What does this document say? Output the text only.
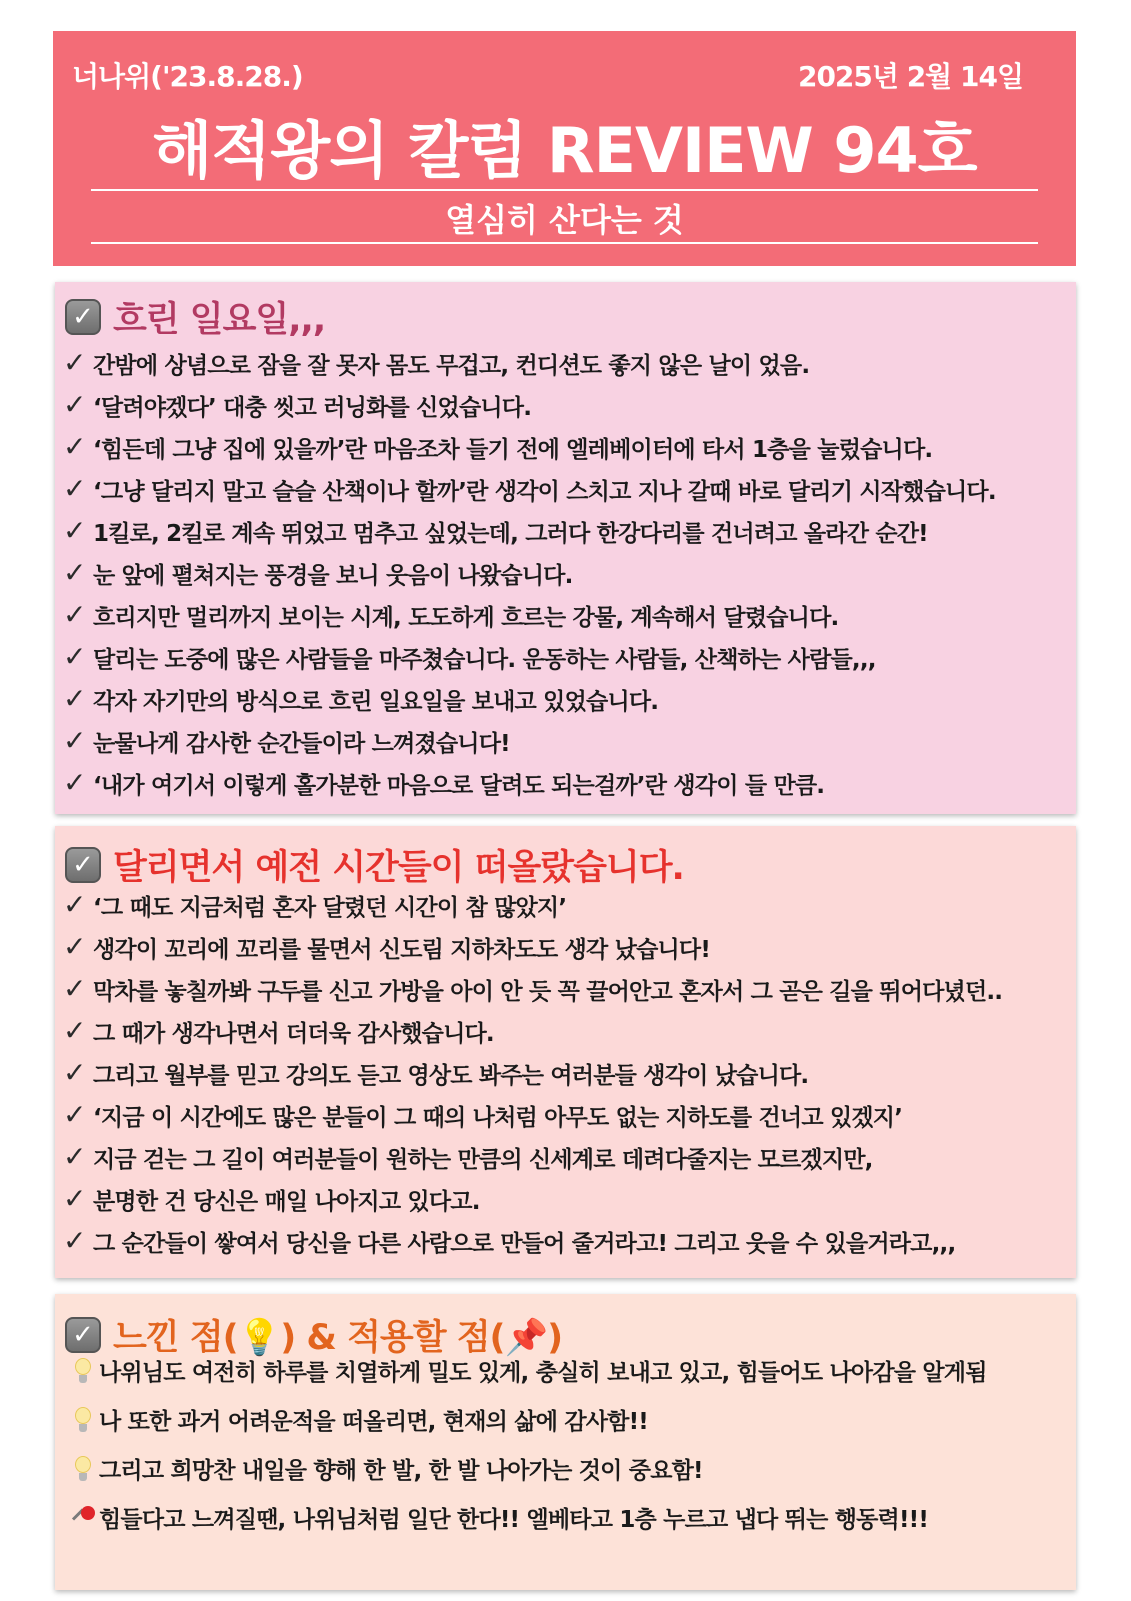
너나위('23.8.28.)	2025년 2월 14일
해적왕의 칼럼 REVIEW 94호
열심히 산다는 것
✓ 흐린 일요일,,,
✓ 간밤에 상념으로 잠을 잘 못자 몸도 무겁고, 컨디션도 좋지 않은 날이 었음.
✓ ‘달려야겠다’ 대충 씻고 러닝화를 신었습니다.
✓ ‘힘든데 그냥 집에 있을까’란 마음조차 들기 전에 엘레베이터에 타서 1층을 눌렀습니다.
✓ ‘그냥 달리지 말고 슬슬 산책이나 할까’란 생각이 스치고 지나 갈때 바로 달리기 시작했습니다.
✓ 1킬로, 2킬로 계속 뛰었고 멈추고 싶었는데, 그러다 한강다리를 건너려고 올라간 순간!
✓ 눈 앞에 펼쳐지는 풍경을 보니 웃음이 나왔습니다.
✓ 흐리지만 멀리까지 보이는 시계, 도도하게 흐르는 강물, 계속해서 달렸습니다.
✓ 달리는 도중에 많은 사람들을 마주쳤습니다. 운동하는 사람들, 산책하는 사람들,,,
✓ 각자 자기만의 방식으로 흐린 일요일을 보내고 있었습니다.
✓ 눈물나게 감사한 순간들이라 느껴졌습니다!
✓ ‘내가 여기서 이렇게 홀가분한 마음으로 달려도 되는걸까’란 생각이 들 만큼.
✓ 달리면서 예전 시간들이 떠올랐습니다.
✓ ‘그 때도 지금처럼 혼자 달렸던 시간이 참 많았지’
✓ 생각이 꼬리에 꼬리를 물면서 신도림 지하차도도 생각 났습니다!
✓ 막차를 놓칠까봐 구두를 신고 가방을 아이 안 듯 꼭 끌어안고 혼자서 그 곧은 길을 뛰어다녔던..
✓ 그 때가 생각나면서 더더욱 감사했습니다.
✓ 그리고 월부를 믿고 강의도 듣고 영상도 봐주는 여러분들 생각이 났습니다.
✓ ‘지금 이 시간에도 많은 분들이 그 때의 나처럼 아무도 없는 지하도를 건너고 있겠지’
✓ 지금 걷는 그 길이 여러분들이 원하는 만큼의 신세계로 데려다줄지는 모르겠지만,
✓ 분명한 건 당신은 매일 나아지고 있다고.
✓ 그 순간들이 쌓여서 당신을 다른 사람으로 만들어 줄거라고! 그리고 웃을 수 있을거라고,,,
✓ 느낀 점(💡) & 적용할 점(📌)
나위님도 여전히 하루를 치열하게 밀도 있게, 충실히 보내고 있고, 힘들어도 나아감을 알게됨
나 또한 과거 어려운적을 떠올리면, 현재의 삶에 감사함!!
그리고 희망찬 내일을 향해 한 발, 한 발 나아가는 것이 중요함!
힘들다고 느껴질땐, 나위님처럼 일단 한다!! 엘베타고 1층 누르고 냅다 뛰는 행동력!!!
